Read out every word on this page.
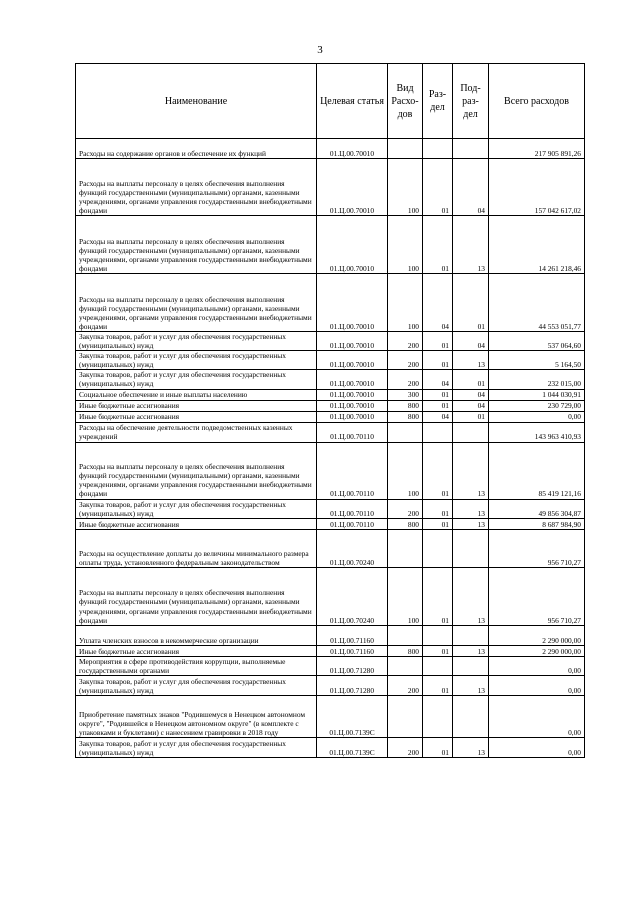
3
Наименование	Целевая статья	Вид Расхо- дов	Раз- дел	Под- раз- дел	Всего расходов
Расходы на содержание органов и обеспечение их функций	01.Ц.00.70010				217 905 891,26
Расходы на выплаты персоналу в целях обеспечения выполнения функций государственными (муниципальными) органами, казенными учреждениями, органами управления государственными внебюджетными фондами	01.Ц.00.70010	100	01	04	157 042 617,02
Расходы на выплаты персоналу в целях обеспечения выполнения функций государственными (муниципальными) органами, казенными учреждениями, органами управления государственными внебюджетными фондами	01.Ц.00.70010	100	01	13	14 261 218,46
Расходы на выплаты персоналу в целях обеспечения выполнения функций государственными (муниципальными) органами, казенными учреждениями, органами управления государственными внебюджетными фондами	01.Ц.00.70010	100	04	01	44 553 051,77
Закупка товаров, работ и услуг для обеспечения государственных (муниципальных) нужд	01.Ц.00.70010	200	01	04	537 064,60
Закупка товаров, работ и услуг для обеспечения государственных (муниципальных) нужд	01.Ц.00.70010	200	01	13	5 164,50
Закупка товаров, работ и услуг для обеспечения государственных (муниципальных) нужд	01.Ц.00.70010	200	04	01	232 015,00
Социальное обеспечение и иные выплаты населению	01.Ц.00.70010	300	01	04	1 044 030,91
Иные бюджетные ассигнования	01.Ц.00.70010	800	01	04	230 729,00
Иные бюджетные ассигнования	01.Ц.00.70010	800	04	01	0,00
Расходы на обеспечение деятельности подведомственных казенных учреждений	01.Ц.00.70110				143 963 410,93
Расходы на выплаты персоналу в целях обеспечения выполнения функций государственными (муниципальными) органами, казенными учреждениями, органами управления государственными внебюджетными фондами	01.Ц.00.70110	100	01	13	85 419 121,16
Закупка товаров, работ и услуг для обеспечения государственных (муниципальных) нужд	01.Ц.00.70110	200	01	13	49 856 304,87
Иные бюджетные ассигнования	01.Ц.00.70110	800	01	13	8 687 984,90
Расходы на осуществление доплаты до величины минимального размера оплаты труда, установленного федеральным законодательством	01.Ц.00.70240				956 710,27
Расходы на выплаты персоналу в целях обеспечения выполнения функций государственными (муниципальными) органами, казенными учреждениями, органами управления государственными внебюджетными фондами	01.Ц.00.70240	100	01	13	956 710,27
Уплата членских взносов в некоммерческие организации	01.Ц.00.71160				2 290 000,00
Иные бюджетные ассигнования	01.Ц.00.71160	800	01	13	2 290 000,00
Мероприятия в сфере противодействия коррупции, выполняемые государственными органами	01.Ц.00.71280				0,00
Закупка товаров, работ и услуг для обеспечения государственных (муниципальных) нужд	01.Ц.00.71280	200	01	13	0,00
Приобретение памятных знаков "Родившемуся в Ненецком автономном округе", "Родившейся в Ненецком автономном округе" (в комплекте с упаковками и буклетами) с нанесением гравировки в 2018 году	01.Ц.00.7139С				0,00
Закупка товаров, работ и услуг для обеспечения государственных (муниципальных) нужд	01.Ц.00.7139С	200	01	13	0,00
